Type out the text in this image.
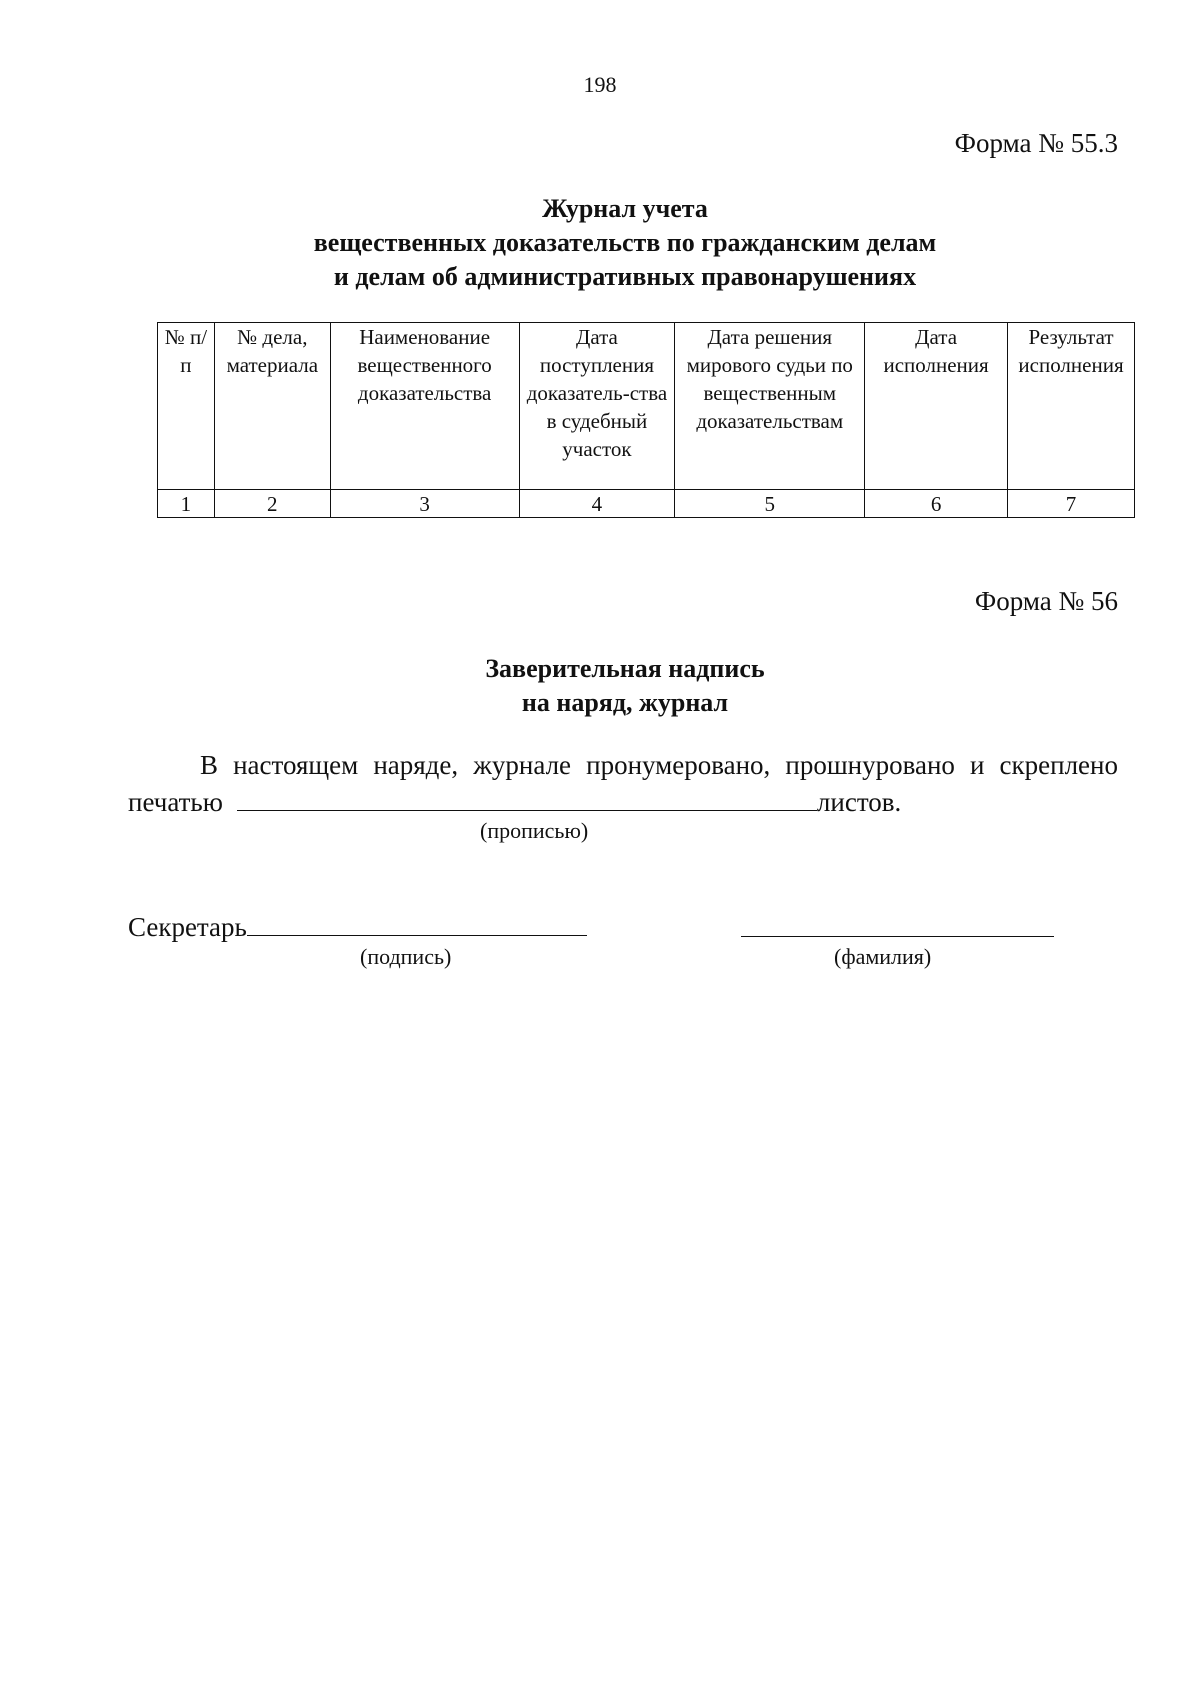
198
Форма № 55.3
Журнал учета
вещественных доказательств по гражданским делам
и делам об административных правонарушениях
№ п/п	№ дела, материала	Наименование вещественного доказательства	Дата поступления доказатель-ства в судебный участок	Дата решения мирового судьи по вещественным доказательствам	Дата исполнения	Результат исполнения
1	2	3	4	5	6	7
Форма № 56
Заверительная надпись
на наряд, журнал
В настоящем наряде, журнале пронумеровано, прошнуровано и скреплено
печатью	листов.
(прописью)
Секретарь
(подпись)	(фамилия)
